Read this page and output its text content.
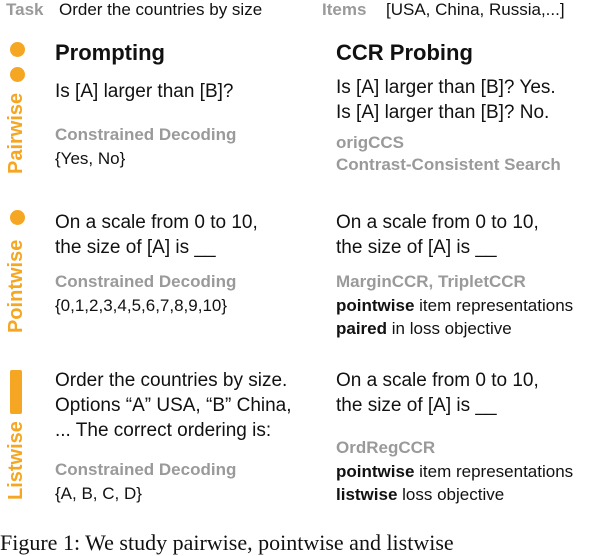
Task Order the countries by size	Items [USA, China, Russia,...]
Prompting	CCR Probing
Pairwise
Is [A] larger than [B]?
Constrained Decoding
{Yes, No}
Is [A] larger than [B]? Yes.
Is [A] larger than [B]? No.
origCCS
Contrast-Consistent Search
Pointwise
On a scale from 0 to 10,
the size of [A] is __
Constrained Decoding
{0,1,2,3,4,5,6,7,8,9,10}
On a scale from 0 to 10,
the size of [A] is __
MarginCCR, TripletCCR
pointwise item representations
paired in loss objective
Listwise
Order the countries by size.
Options “A” USA, “B” China,
... The correct ordering is:
Constrained Decoding
{A, B, C, D}
On a scale from 0 to 10,
the size of [A] is __
OrdRegCCR
pointwise item representations
listwise loss objective
Figure 1: We study pairwise, pointwise and listwise
